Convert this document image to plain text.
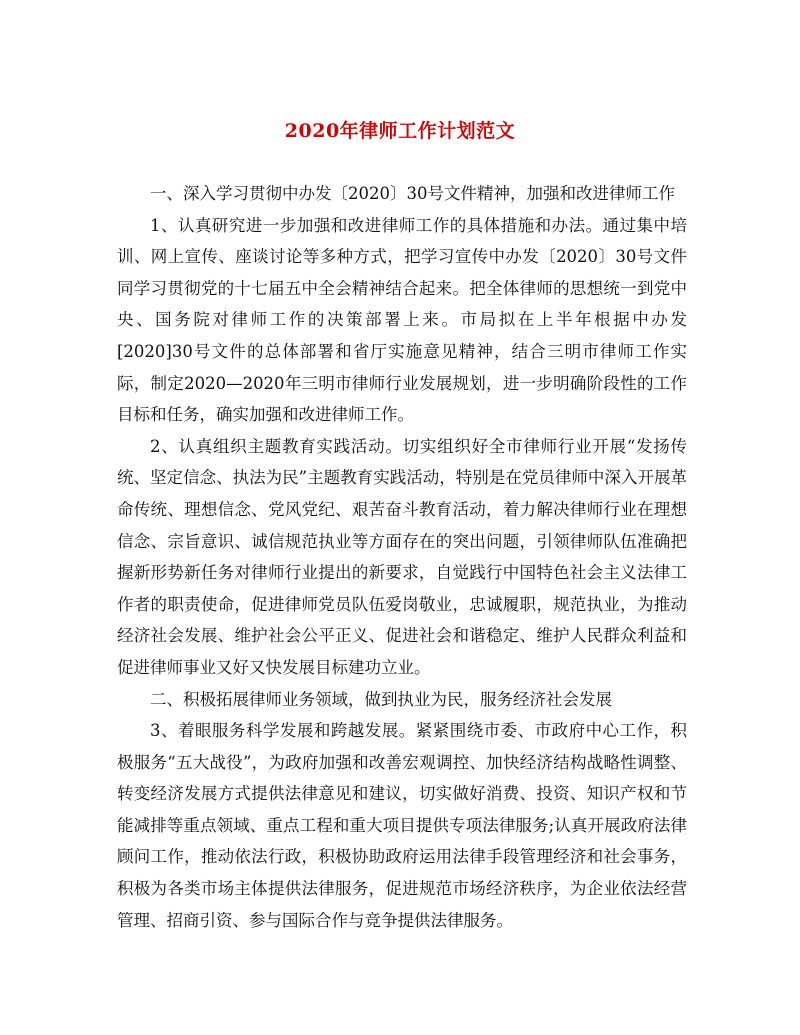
2020年律师工作计划范文

一、深入学习贯彻中办发〔2020〕30号文件精神，加强和改进律师工作

1、认真研究进一步加强和改进律师工作的具体措施和办法。通过集中培训、网上宣传、座谈讨论等多种方式，把学习宣传中办发〔2020〕30号文件同学习贯彻党的十七届五中全会精神结合起来。把全体律师的思想统一到党中央、国务院对律师工作的决策部署上来。市局拟在上半年根据中办发[2020]30号文件的总体部署和省厅实施意见精神，结合三明市律师工作实际，制定2020—2020年三明市律师行业发展规划，进一步明确阶段性的工作目标和任务，确实加强和改进律师工作。

2、认真组织主题教育实践活动。切实组织好全市律师行业开展“发扬传统、坚定信念、执法为民”主题教育实践活动，特别是在党员律师中深入开展革命传统、理想信念、党风党纪、艰苦奋斗教育活动，着力解决律师行业在理想信念、宗旨意识、诚信规范执业等方面存在的突出问题，引领律师队伍准确把握新形势新任务对律师行业提出的新要求，自觉践行中国特色社会主义法律工作者的职责使命，促进律师党员队伍爱岗敬业，忠诚履职，规范执业，为推动经济社会发展、维护社会公平正义、促进社会和谐稳定、维护人民群众利益和促进律师事业又好又快发展目标建功立业。

二、积极拓展律师业务领域，做到执业为民，服务经济社会发展

3、着眼服务科学发展和跨越发展。紧紧围绕市委、市政府中心工作，积极服务“五大战役”，为政府加强和改善宏观调控、加快经济结构战略性调整、转变经济发展方式提供法律意见和建议，切实做好消费、投资、知识产权和节能减排等重点领域、重点工程和重大项目提供专项法律服务;认真开展政府法律顾问工作，推动依法行政，积极协助政府运用法律手段管理经济和社会事务，积极为各类市场主体提供法律服务，促进规范市场经济秩序，为企业依法经营管理、招商引资、参与国际合作与竞争提供法律服务。
